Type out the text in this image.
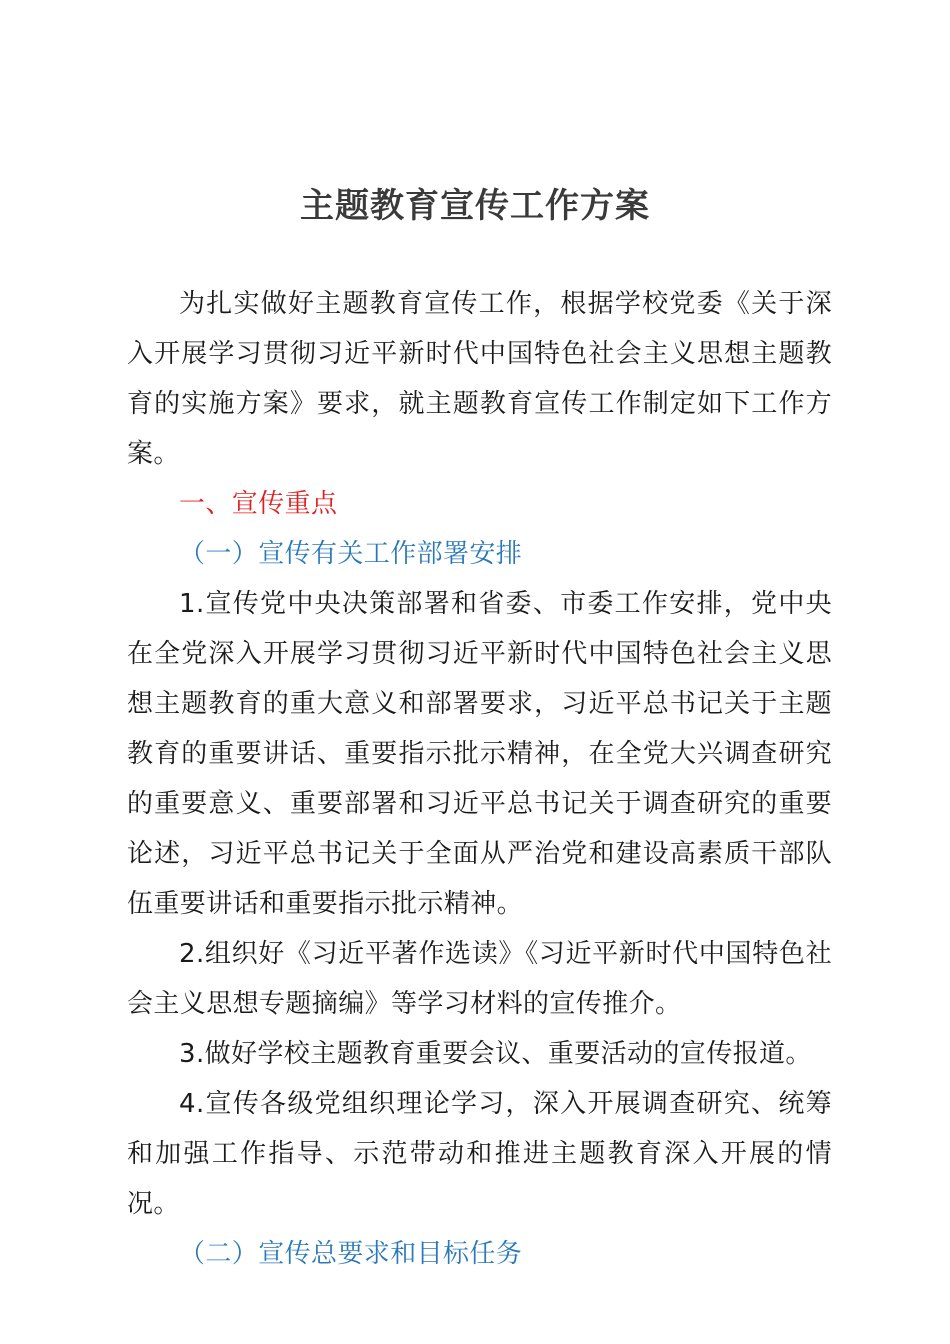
主题教育宣传工作方案

为扎实做好主题教育宣传工作，根据学校党委《关于深入开展学习贯彻习近平新时代中国特色社会主义思想主题教育的实施方案》要求，就主题教育宣传工作制定如下工作方案。

一、宣传重点

（一）宣传有关工作部署安排

1.宣传党中央决策部署和省委、市委工作安排，党中央在全党深入开展学习贯彻习近平新时代中国特色社会主义思想主题教育的重大意义和部署要求，习近平总书记关于主题教育的重要讲话、重要指示批示精神，在全党大兴调查研究的重要意义、重要部署和习近平总书记关于调查研究的重要论述，习近平总书记关于全面从严治党和建设高素质干部队伍重要讲话和重要指示批示精神。

2.组织好《习近平著作选读》《习近平新时代中国特色社会主义思想专题摘编》等学习材料的宣传推介。

3.做好学校主题教育重要会议、重要活动的宣传报道。

4.宣传各级党组织理论学习，深入开展调查研究、统筹和加强工作指导、示范带动和推进主题教育深入开展的情况。

（二）宣传总要求和目标任务
